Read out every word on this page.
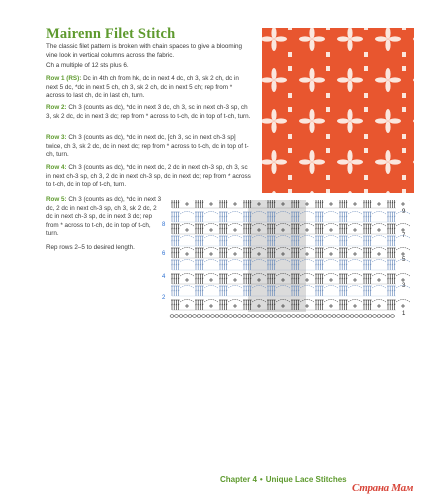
Mairenn Filet Stitch
The classic filet pattern is broken with chain spaces to give a blooming vine look in vertical columns across the fabric.
Ch a multiple of 12 sts plus 6.
Row 1 (RS): Dc in 4th ch from hk, dc in next 4 dc, ch 3, sk 2 ch, dc in next 5 dc, *dc in next 5 ch, ch 3, sk 2 ch, dc in next 5 ch; rep from * across to last ch, dc in last ch, turn.
Row 2: Ch 3 (counts as dc), *dc in next 3 dc, ch 3, sc in next ch-3 sp, ch 3, sk 2 dc, dc in next 3 dc; rep from * across to t-ch, dc in top of t-ch, turn.
Row 3: Ch 3 (counts as dc), *dc in next dc, [ch 3, sc in next ch-3 sp] twice, ch 3, sk 2 dc, dc in next dc; rep from * across to t-ch, dc in top of t-ch, turn.
Row 4: Ch 3 (counts as dc), *dc in next dc, 2 dc in next ch-3 sp, ch 3, sc in next ch-3 sp, ch 3, 2 dc in next ch-3 sp, dc in next dc; rep from * across to t-ch, dc in top of t-ch, turn.
Row 5: Ch 3 (counts as dc), *dc in next 3 dc, 2 dc in next ch-3 sp, ch 3, sk 2 dc, 2 dc in next ch-3 sp, dc in next 3 dc; rep from * across to t-ch, dc in top of t-ch, turn.
Rep rows 2–5 to desired length.
8
6
4
2
9
7
5
3
1
Chapter 4 • Unique Lace Stitches
Страна Мам
